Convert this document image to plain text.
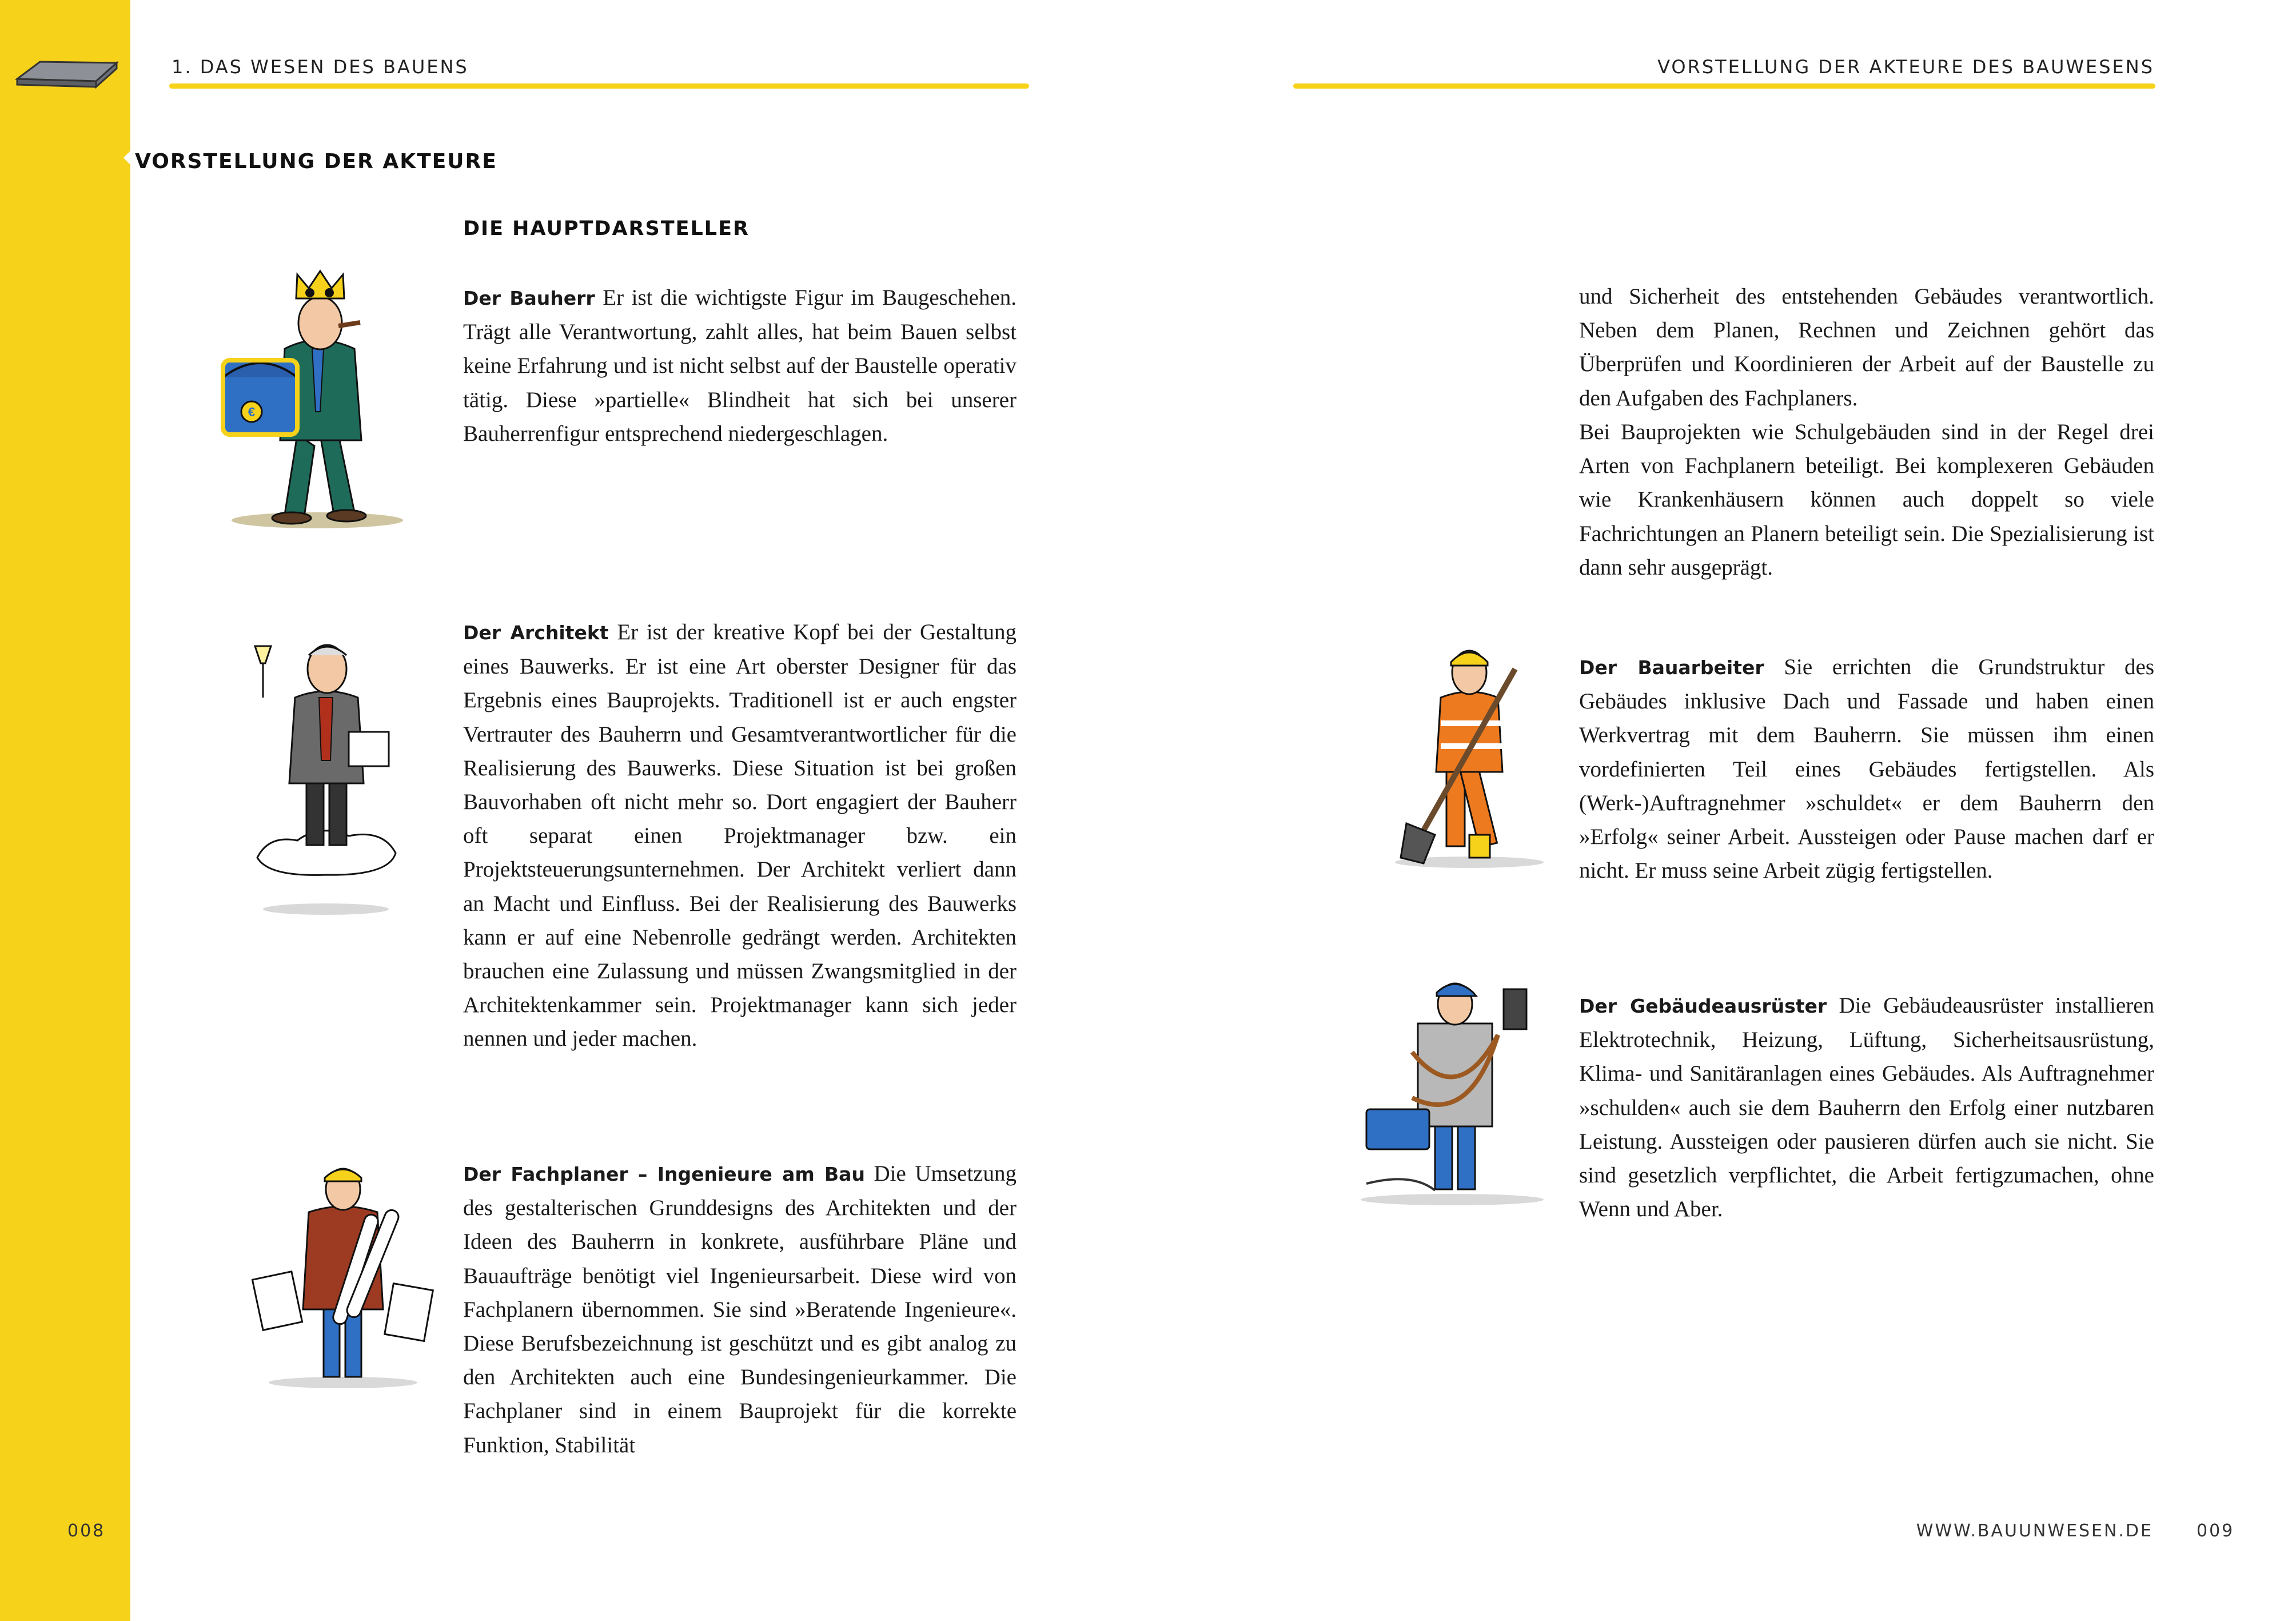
1. DAS WESEN DES BAUENS	VORSTELLUNG DER AKTEURE DES BAUWESENS
VORSTELLUNG DER AKTEURE
DIE HAUPTDARSTELLER
€

Der Bauherr Er ist die wichtigste Figur im Baugeschehen. Trägt alle Verantwortung, zahlt alles, hat beim Bauen selbst keine Erfahrung und ist nicht selbst auf der Baustelle operativ tätig. Diese »partielle« Blindheit hat sich bei unserer Bauherrenfigur entsprechend niedergeschlagen.

Der Architekt Er ist der kreative Kopf bei der Gestaltung eines Bauwerks. Er ist eine Art oberster Designer für das Ergebnis eines Bauprojekts. Traditionell ist er auch engster Vertrauter des Bauherrn und Gesamtverantwortlicher für die Realisierung des Bauwerks. Diese Situation ist bei großen Bauvorhaben oft nicht mehr so. Dort engagiert der Bauherr oft separat einen Projektmanager bzw. ein Projektsteuerungsunternehmen. Der Architekt verliert dann an Macht und Einfluss. Bei der Realisierung des Bauwerks kann er auf eine Nebenrolle gedrängt werden. Architekten brauchen eine Zulassung und müssen Zwangsmitglied in der Architektenkammer sein. Projektmanager kann sich jeder nennen und jeder machen.

Der Fachplaner – Ingenieure am Bau Die Umsetzung des gestalterischen Grunddesigns des Architekten und der Ideen des Bauherrn in konkrete, ausführbare Pläne und Bauaufträge benötigt viel Ingenieursarbeit. Diese wird von Fachplanern übernommen. Sie sind »Beratende Ingenieure«. Diese Berufsbezeichnung ist geschützt und es gibt analog zu den Architekten auch eine Bundesingenieurkammer. Die Fachplaner sind in einem Bauprojekt für die korrekte Funktion, Stabilität

und Sicherheit des entstehenden Gebäudes verantwortlich. Neben dem Planen, Rechnen und Zeichnen gehört das Überprüfen und Koordinieren der Arbeit auf der Baustelle zu den Aufgaben des Fachplaners.

Bei Bauprojekten wie Schulgebäuden sind in der Regel drei Arten von Fachplanern beteiligt. Bei komplexeren Gebäuden wie Krankenhäusern können auch doppelt so viele Fachrichtungen an Planern beteiligt sein. Die Spezialisierung ist dann sehr ausgeprägt.

Der Bauarbeiter Sie errichten die Grundstruktur des Gebäudes inklusive Dach und Fassade und haben einen Werkvertrag mit dem Bauherrn. Sie müssen ihm einen vordefinierten Teil eines Gebäudes fertigstellen. Als (Werk-)Auftragnehmer »schuldet« er dem Bauherrn den »Erfolg« seiner Arbeit. Aussteigen oder Pause machen darf er nicht. Er muss seine Arbeit zügig fertigstellen.

Der Gebäudeausrüster Die Gebäudeausrüster installieren Elektrotechnik, Heizung, Lüftung, Sicherheitsausrüstung, Klima- und Sanitäranlagen eines Gebäudes. Als Auftragnehmer »schulden« auch sie dem Bauherrn den Erfolg einer nutzbaren Leistung. Aussteigen oder pausieren dürfen auch sie nicht. Sie sind gesetzlich verpflichtet, die Arbeit fertigzumachen, ohne Wenn und Aber.

008	WWW.BAUUNWESEN.DE	009
